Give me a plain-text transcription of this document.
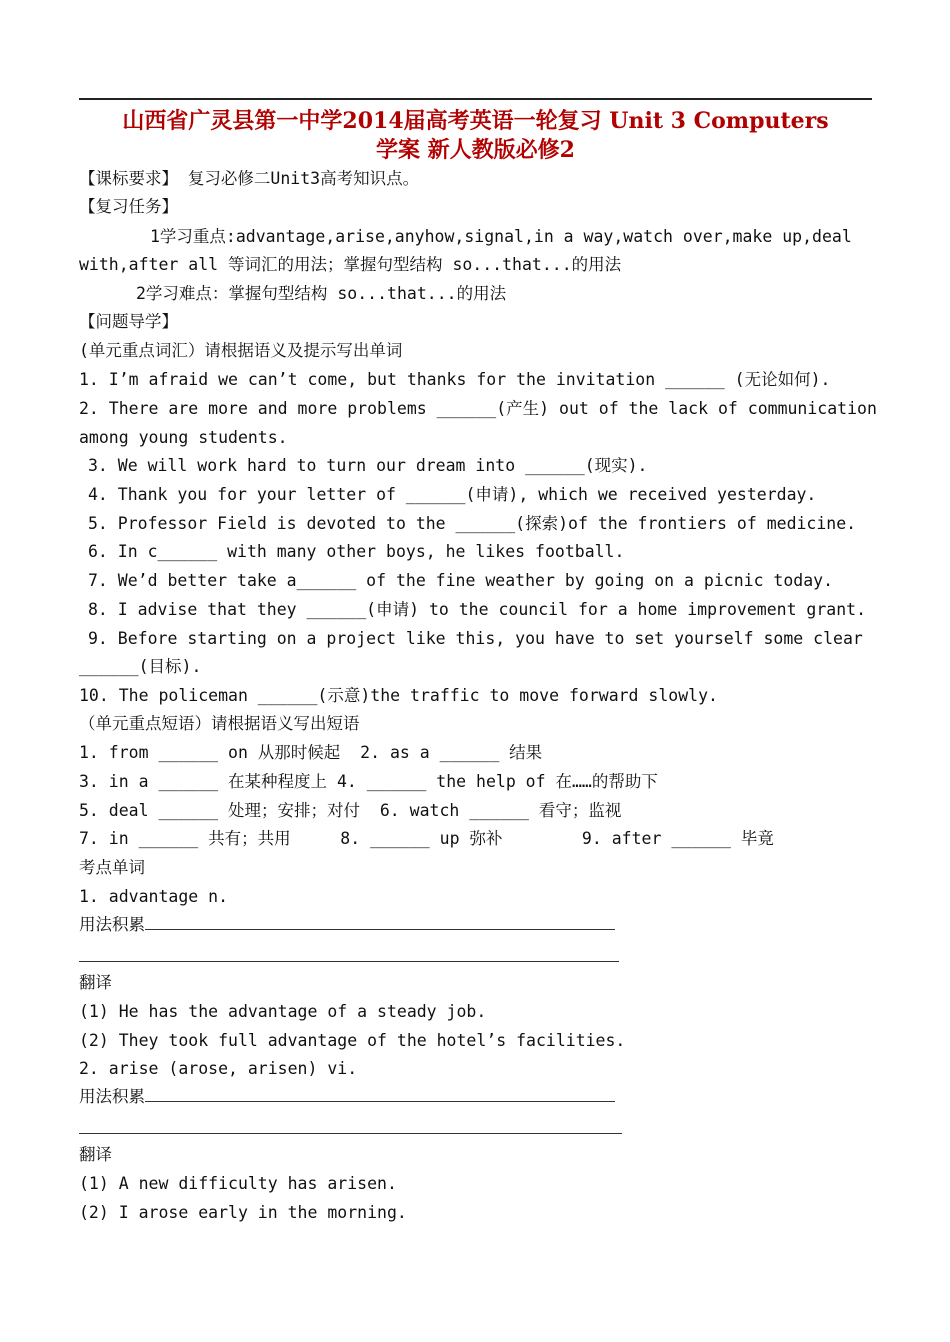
山西省广灵县第一中学2014届高考英语一轮复习 Unit 3 Computers
学案 新人教版必修2
【课标要求】 复习必修二Unit3高考知识点。
【复习任务】
1学习重点:advantage,arise,anyhow,signal,in a way,watch over,make up,deal
with,after all 等词汇的用法；掌握句型结构 so...that...的用法
2学习难点：掌握句型结构 so...that...的用法
【问题导学】
(单元重点词汇）请根据语义及提示写出单词
1. I’m afraid we can’t come, but thanks for the invitation ______ (无论如何).
2. There are more and more problems ______(产生) out of the lack of communication
among young students.
3. We will work hard to turn our dream into ______(现实).
4. Thank you for your letter of ______(申请), which we received yesterday.
5. Professor Field is devoted to the ______(探索)of the frontiers of medicine.
6. In c______ with many other boys, he likes football.
7. We’d better take a______ of the fine weather by going on a picnic today.
8. I advise that they ______(申请) to the council for a home improvement grant.
9. Before starting on a project like this, you have to set yourself some clear
______(目标).
10. The policeman ______(示意)the traffic to move forward slowly.
（单元重点短语）请根据语义写出短语
1. from ______ on 从那时候起  2. as a ______ 结果
3. in a ______ 在某种程度上 4. ______ the help of 在……的帮助下
5. deal ______ 处理；安排；对付  6. watch ______ 看守；监视
7. in ______ 共有；共用     8. ______ up 弥补        9. after ______ 毕竟
考点单词
1. advantage n.
用法积累
翻译
(1) He has the advantage of a steady job.
(2) They took full advantage of the hotel’s facilities.
2. arise (arose, arisen) vi.
用法积累
翻译
(1) A new difficulty has arisen.
(2) I arose early in the morning.
